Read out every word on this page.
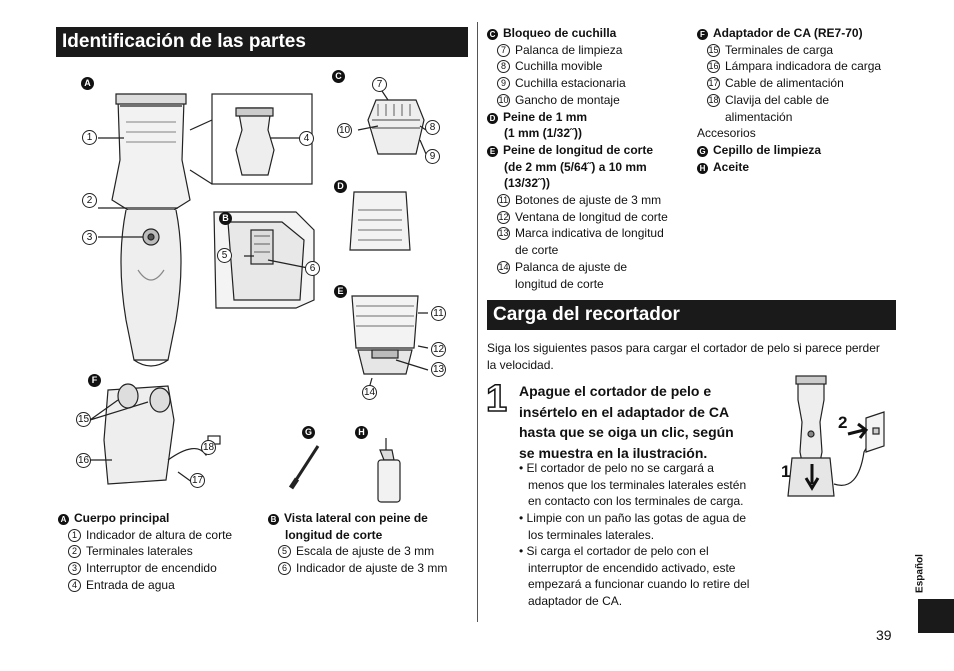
Identificación de las partes
Carga del recortador
A
C
B
D
E
F
G	H
1
2
3
4
5
6
7
8
9
10
11
12
13
14
15
16
17
18
A Cuerpo principal
1 Indicador de altura de corte
2 Terminales laterales
3 Interruptor de encendido
4 Entrada de agua
B Vista lateral con peine de
longitud de corte
5 Escala de ajuste de 3 mm
6 Indicador de ajuste de 3 mm
C Bloqueo de cuchilla
7 Palanca de limpieza
8 Cuchilla movible
9 Cuchilla estacionaria
10 Gancho de montaje
D Peine de 1 mm
(1 mm (1/32˝))
E Peine de longitud de corte
(de 2 mm (5/64˝) a 10 mm
(13/32˝))
11 Botones de ajuste de 3 mm
12 Ventana de longitud de corte
13 Marca indicativa de longitud
de corte
14 Palanca de ajuste de
longitud de corte
F Adaptador de CA (RE7-70)
15 Terminales de carga
16 Lámpara indicadora de carga
17 Cable de alimentación
18 Clavija del cable de
alimentación
Accesorios
G Cepillo de limpieza
H Aceite
Siga los siguientes pasos para cargar el cortador de pelo si parece perder
la velocidad.
1 Apague el cortador de pelo e
insértelo en el adaptador de CA
hasta que se oiga un clic, según
se muestra en la ilustración.
• El cortador de pelo no se cargará a
menos que los terminales laterales estén
en contacto con los terminales de carga.
• Limpie con un paño las gotas de agua de
los terminales laterales.
• Si carga el cortador de pelo con el
interruptor de encendido activado, este
empezará a funcionar cuando lo retire del
adaptador de CA.
1
2
Español
39
